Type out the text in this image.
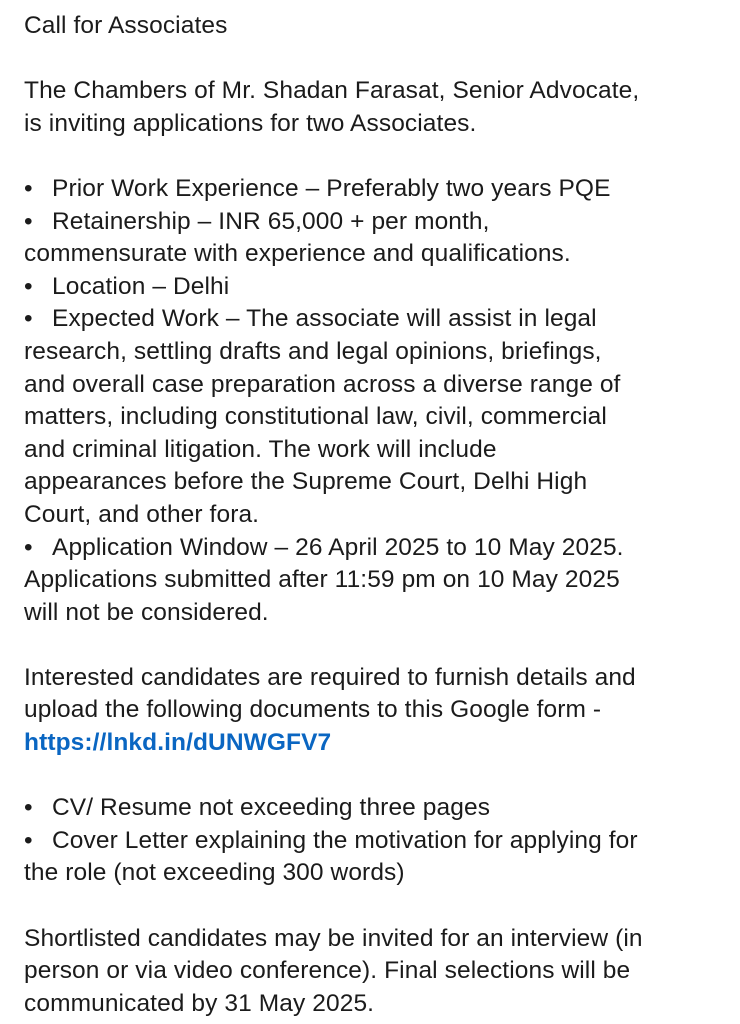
Call for Associates
The Chambers of Mr. Shadan Farasat, Senior Advocate,
is inviting applications for two Associates.
• Prior Work Experience – Preferably two years PQE
• Retainership – INR 65,000 + per month,
commensurate with experience and qualifications.
• Location – Delhi
• Expected Work – The associate will assist in legal
research, settling drafts and legal opinions, briefings,
and overall case preparation across a diverse range of
matters, including constitutional law, civil, commercial
and criminal litigation. The work will include
appearances before the Supreme Court, Delhi High
Court, and other fora.
• Application Window – 26 April 2025 to 10 May 2025.
Applications submitted after 11:59 pm on 10 May 2025
will not be considered.
Interested candidates are required to furnish details and
upload the following documents to this Google form -
https://lnkd.in/dUNWGFV7
• CV/ Resume not exceeding three pages
• Cover Letter explaining the motivation for applying for
the role (not exceeding 300 words)
Shortlisted candidates may be invited for an interview (in
person or via video conference). Final selections will be
communicated by 31 May 2025.
